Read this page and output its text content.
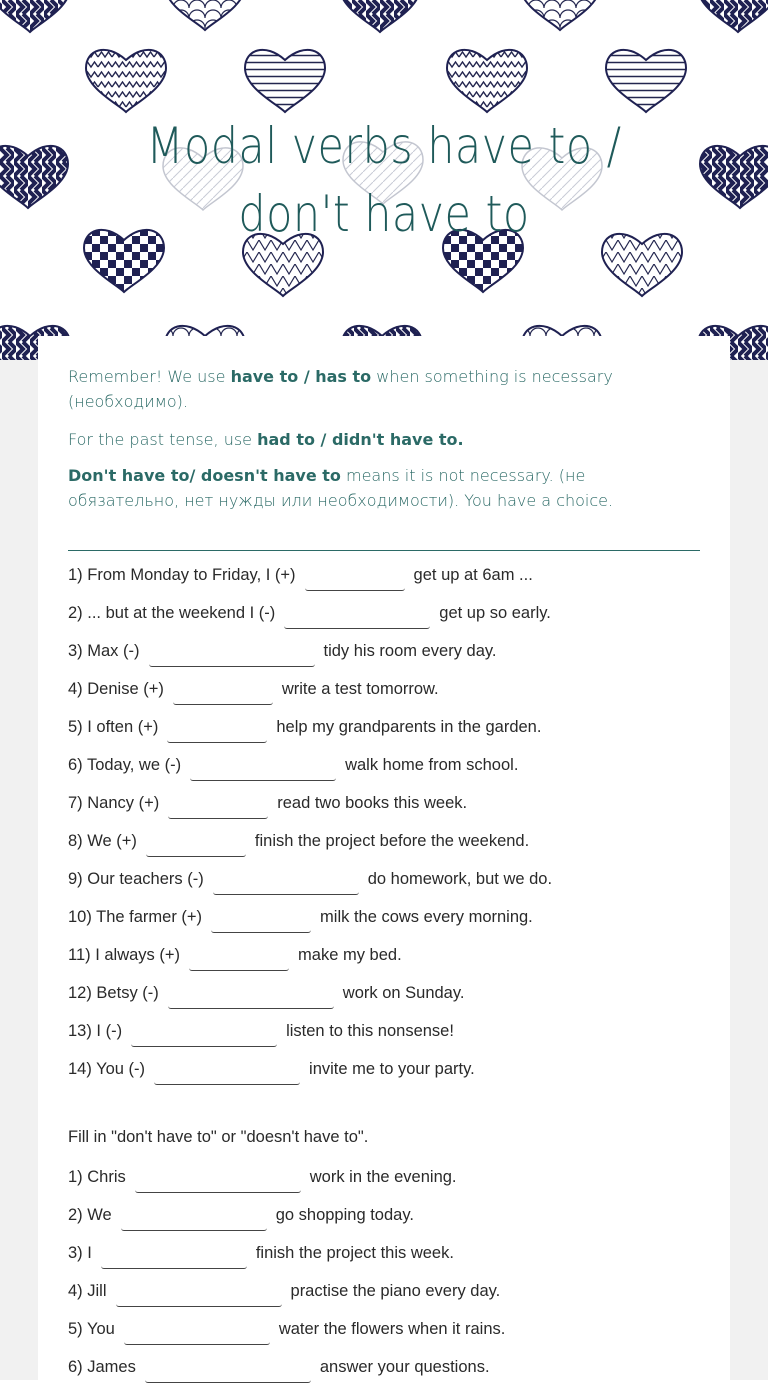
Modal verbs have to / don't have to

Remember! We use have to / has to when something is necessary (необходимо).

For the past tense, use had to / didn't have to.

Don't have to/ doesn't have to means it is not necessary. (не обязательно, нет нужды или необходимости). You have a choice.

1) From Monday to Friday, I (+)	get up at 6am ...
2) ... but at the weekend I (-)	get up so early.
3) Max (-)	tidy his room every day.
4) Denise (+)	write a test tomorrow.
5) I often (+)	help my grandparents in the garden.
6) Today, we (-)	walk home from school.
7) Nancy (+)	read two books this week.
8) We (+)	finish the project before the weekend.
9) Our teachers (-)	do homework, but we do.
10) The farmer (+)	milk the cows every morning.
11) I always (+)	make my bed.
12) Betsy (-)	work on Sunday.
13) I (-)	listen to this nonsense!
14) You (-)	invite me to your party.
Fill in "don't have to" or "doesn't have to".
1) Chris	work in the evening.
2) We	go shopping today.
3) I	finish the project this week.
4) Jill	practise the piano every day.
5) You	water the flowers when it rains.
6) James	answer your questions.
